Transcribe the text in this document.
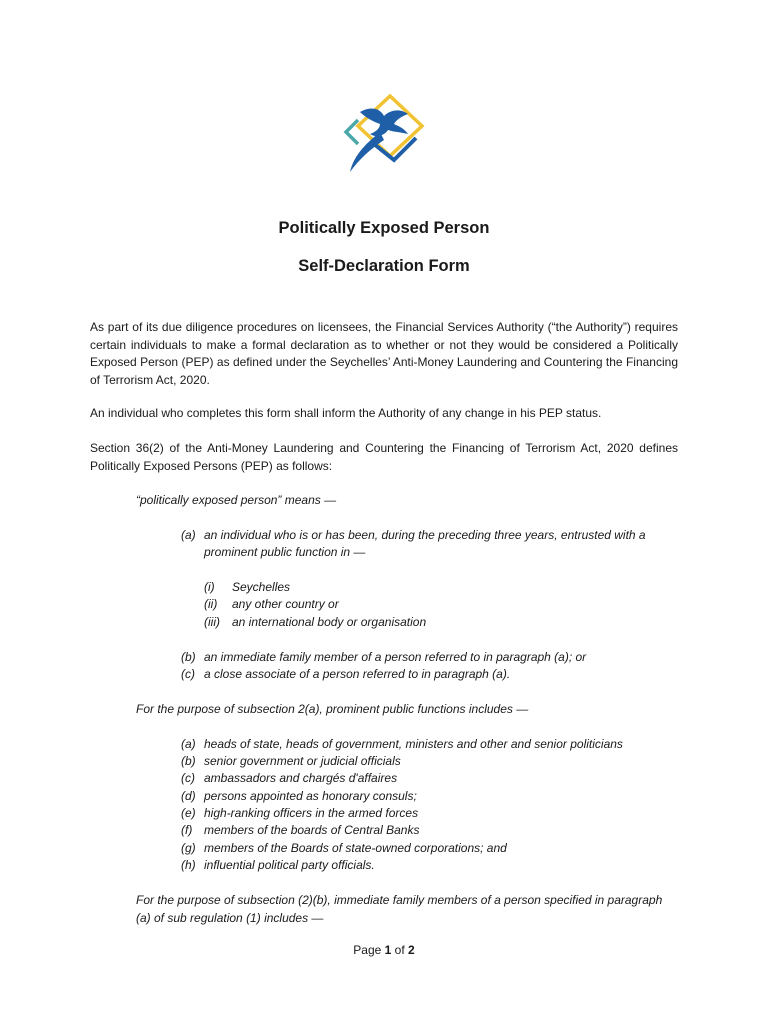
Politically Exposed Person
Self-Declaration Form

As part of its due diligence procedures on licensees, the Financial Services Authority (“the Authority”) requires certain individuals to make a formal declaration as to whether or not they would be considered a Politically Exposed Person (PEP) as defined under the Seychelles’ Anti-Money Laundering and Countering the Financing of Terrorism Act, 2020.

An individual who completes this form shall inform the Authority of any change in his PEP status.

Section 36(2) of the Anti-Money Laundering and Countering the Financing of Terrorism Act, 2020 defines Politically Exposed Persons (PEP) as follows:

“politically exposed person” means —
(a) an individual who is or has been, during the preceding three years, entrusted with a
prominent public function in —
(i) Seychelles
(ii) any other country or
(iii) an international body or organisation
(b) an immediate family member of a person referred to in paragraph (a); or
(c) a close associate of a person referred to in paragraph (a).
For the purpose of subsection 2(a), prominent public functions includes —
(a) heads of state, heads of government, ministers and other and senior politicians
(b) senior government or judicial officials
(c) ambassadors and chargés d'affaires
(d) persons appointed as honorary consuls;
(e) high-ranking officers in the armed forces
(f) members of the boards of Central Banks
(g) members of the Boards of state-owned corporations; and
(h) influential political party officials.
For the purpose of subsection (2)(b), immediate family members of a person specified in paragraph (a) of sub regulation (1) includes —
Page 1 of 2
